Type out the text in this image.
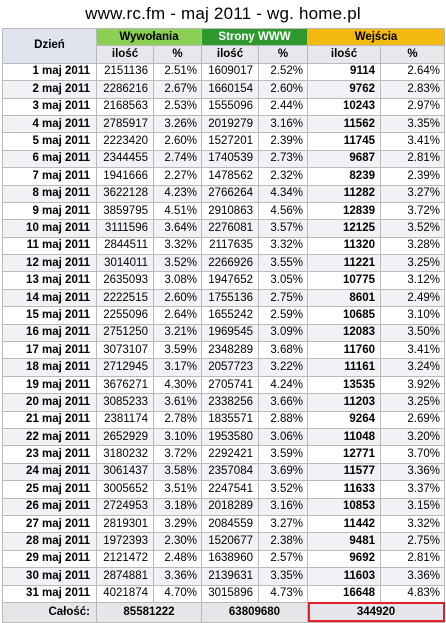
www.rc.fm - maj 2011 - wg. home.pl
Dzień	Wywołania		Strony WWW		Wejścia	
	ilość	%	ilość	%	ilość	%
1 maj 2011	2151136	2.51%	1609017	2.52%	9114	2.64%
2 maj 2011	2286216	2.67%	1660154	2.60%	9762	2.83%
3 maj 2011	2168563	2.53%	1555096	2.44%	10243	2.97%
4 maj 2011	2785917	3.26%	2019279	3.16%	11562	3.35%
5 maj 2011	2223420	2.60%	1527201	2.39%	11745	3.41%
6 maj 2011	2344455	2.74%	1740539	2.73%	9687	2.81%
7 maj 2011	1941666	2.27%	1478562	2.32%	8239	2.39%
8 maj 2011	3622128	4.23%	2766264	4.34%	11282	3.27%
9 maj 2011	3859795	4.51%	2910863	4.56%	12839	3.72%
10 maj 2011	3111596	3.64%	2276081	3.57%	12125	3.52%
11 maj 2011	2844511	3.32%	2117635	3.32%	11320	3.28%
12 maj 2011	3014011	3.52%	2266926	3.55%	11221	3.25%
13 maj 2011	2635093	3.08%	1947652	3.05%	10775	3.12%
14 maj 2011	2222515	2.60%	1755136	2.75%	8601	2.49%
15 maj 2011	2255096	2.64%	1655242	2.59%	10685	3.10%
16 maj 2011	2751250	3.21%	1969545	3.09%	12083	3.50%
17 maj 2011	3073107	3.59%	2348289	3.68%	11760	3.41%
18 maj 2011	2712945	3.17%	2057723	3.22%	11161	3.24%
19 maj 2011	3676271	4.30%	2705741	4.24%	13535	3.92%
20 maj 2011	3085233	3.61%	2338256	3.66%	11203	3.25%
21 maj 2011	2381174	2.78%	1835571	2.88%	9264	2.69%
22 maj 2011	2652929	3.10%	1953580	3.06%	11048	3.20%
23 maj 2011	3180232	3.72%	2292421	3.59%	12771	3.70%
24 maj 2011	3061437	3.58%	2357084	3.69%	11577	3.36%
25 maj 2011	3005652	3.51%	2247541	3.52%	11633	3.37%
26 maj 2011	2724953	3.18%	2018289	3.16%	10853	3.15%
27 maj 2011	2819301	3.29%	2084559	3.27%	11442	3.32%
28 maj 2011	1972393	2.30%	1520677	2.38%	9481	2.75%
29 maj 2011	2121472	2.48%	1638960	2.57%	9692	2.81%
30 maj 2011	2874881	3.36%	2139631	3.35%	11603	3.36%
31 maj 2011	4021874	4.70%	3015896	4.73%	16648	4.83%
Całość:	85581222		63809680		344920	
